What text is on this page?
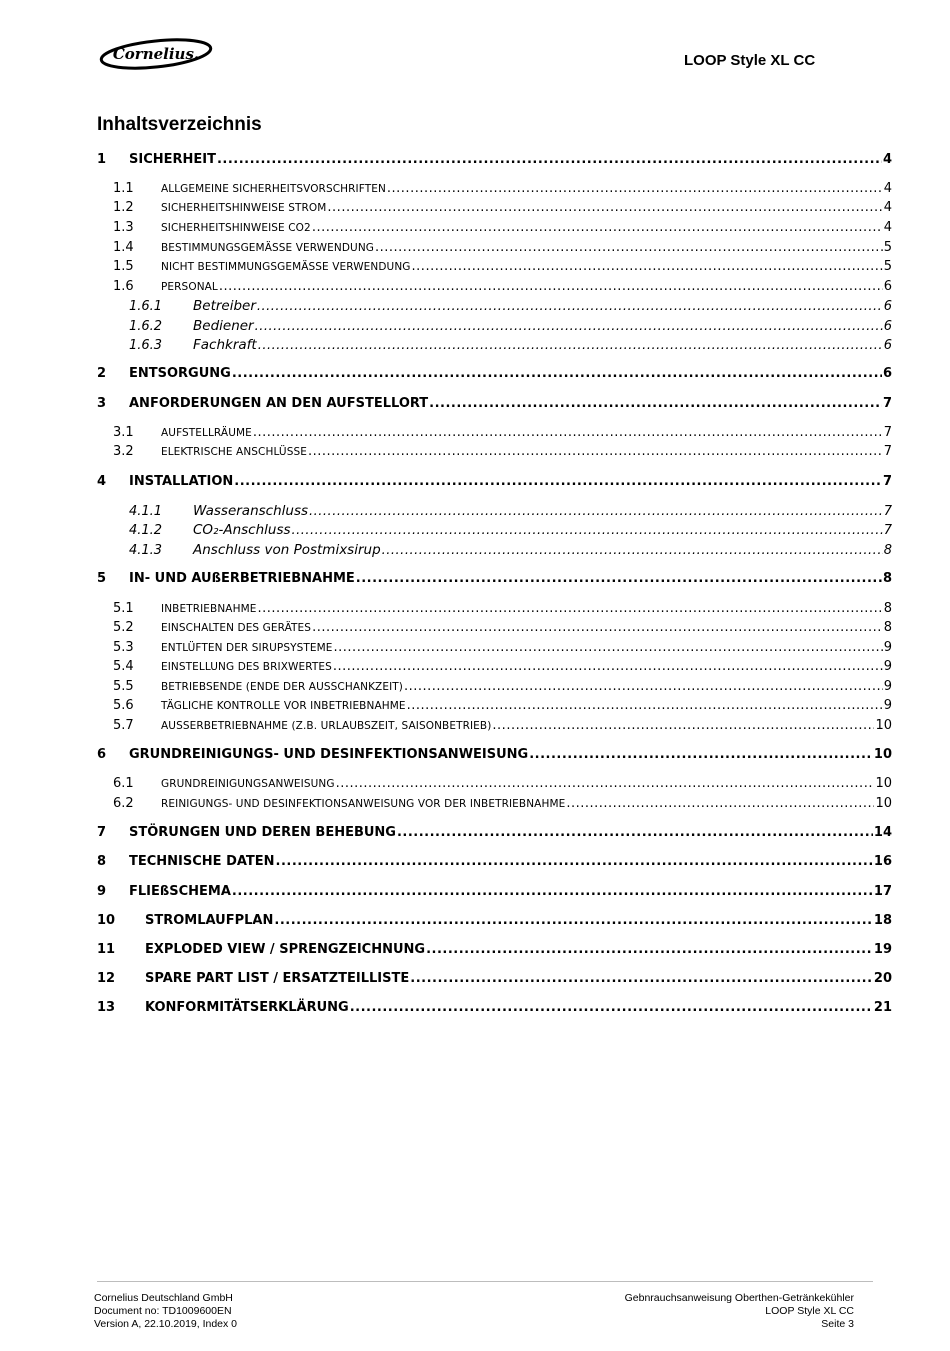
Cornelius.	LOOP Style XL CC
Inhaltsverzeichnis
1	SICHERHEIT .....	4
1.1	ALLGEMEINE SICHERHEITSVORSCHRIFTEN .....	4
1.2	SICHERHEITSHINWEISE STROM .....	4
1.3	SICHERHEITSHINWEISE CO2 .....	4
1.4	BESTIMMUNGSGEMÄSSE VERWENDUNG .....	5
1.5	NICHT BESTIMMUNGSGEMÄSSE VERWENDUNG .....	5
1.6	PERSONAL .....	6
1.6.1	Betreiber .....	6
1.6.2	Bediener .....	6
1.6.3	Fachkraft .....	6
2	ENTSORGUNG .....	6
3	ANFORDERUNGEN AN DEN AUFSTELLORT .....	7
3.1	AUFSTELLRÄUME .....	7
3.2	ELEKTRISCHE ANSCHLÜSSE .....	7
4	INSTALLATION .....	7
4.1.1	Wasseranschluss .....	7
4.1.2	CO₂-Anschluss .....	7
4.1.3	Anschluss von Postmixsirup .....	8
5	IN- UND AUßERBETRIEBNAHME .....	8
5.1	INBETRIEBNAHME .....	8
5.2	EINSCHALTEN DES GERÄTES .....	8
5.3	ENTLÜFTEN DER SIRUPSYSTEME .....	9
5.4	EINSTELLUNG DES BRIXWERTES .....	9
5.5	BETRIEBSENDE (ENDE DER AUSSCHANKZEIT) .....	9
5.6	TÄGLICHE KONTROLLE VOR INBETRIEBNAHME .....	9
5.7	AUSSERBETRIEBNAHME (Z.B. URLAUBSZEIT, SAISONBETRIEB) .....	10
6	GRUNDREINIGUNGS- UND DESINFEKTIONSANWEISUNG .....	10
6.1	GRUNDREINIGUNGSANWEISUNG .....	10
6.2	REINIGUNGS- UND DESINFEKTIONSANWEISUNG VOR DER INBETRIEBNAHME .....	10
7	STÖRUNGEN UND DEREN BEHEBUNG .....	14
8	TECHNISCHE DATEN .....	16
9	FLIEßSCHEMA .....	17
10	STROMLAUFPLAN .....	18
11	EXPLODED VIEW / SPRENGZEICHNUNG .....	19
12	SPARE PART LIST / ERSATZTEILLISTE .....	20
13	KONFORMITÄTSERKLÄRUNG .....	21
Cornelius Deutschland GmbH
Document no: TD1009600EN
Version A, 22.10.2019, Index 0
Gebnrauchsanweisung Oberthen-Getränkekühler
LOOP Style XL CC
Seite 3
